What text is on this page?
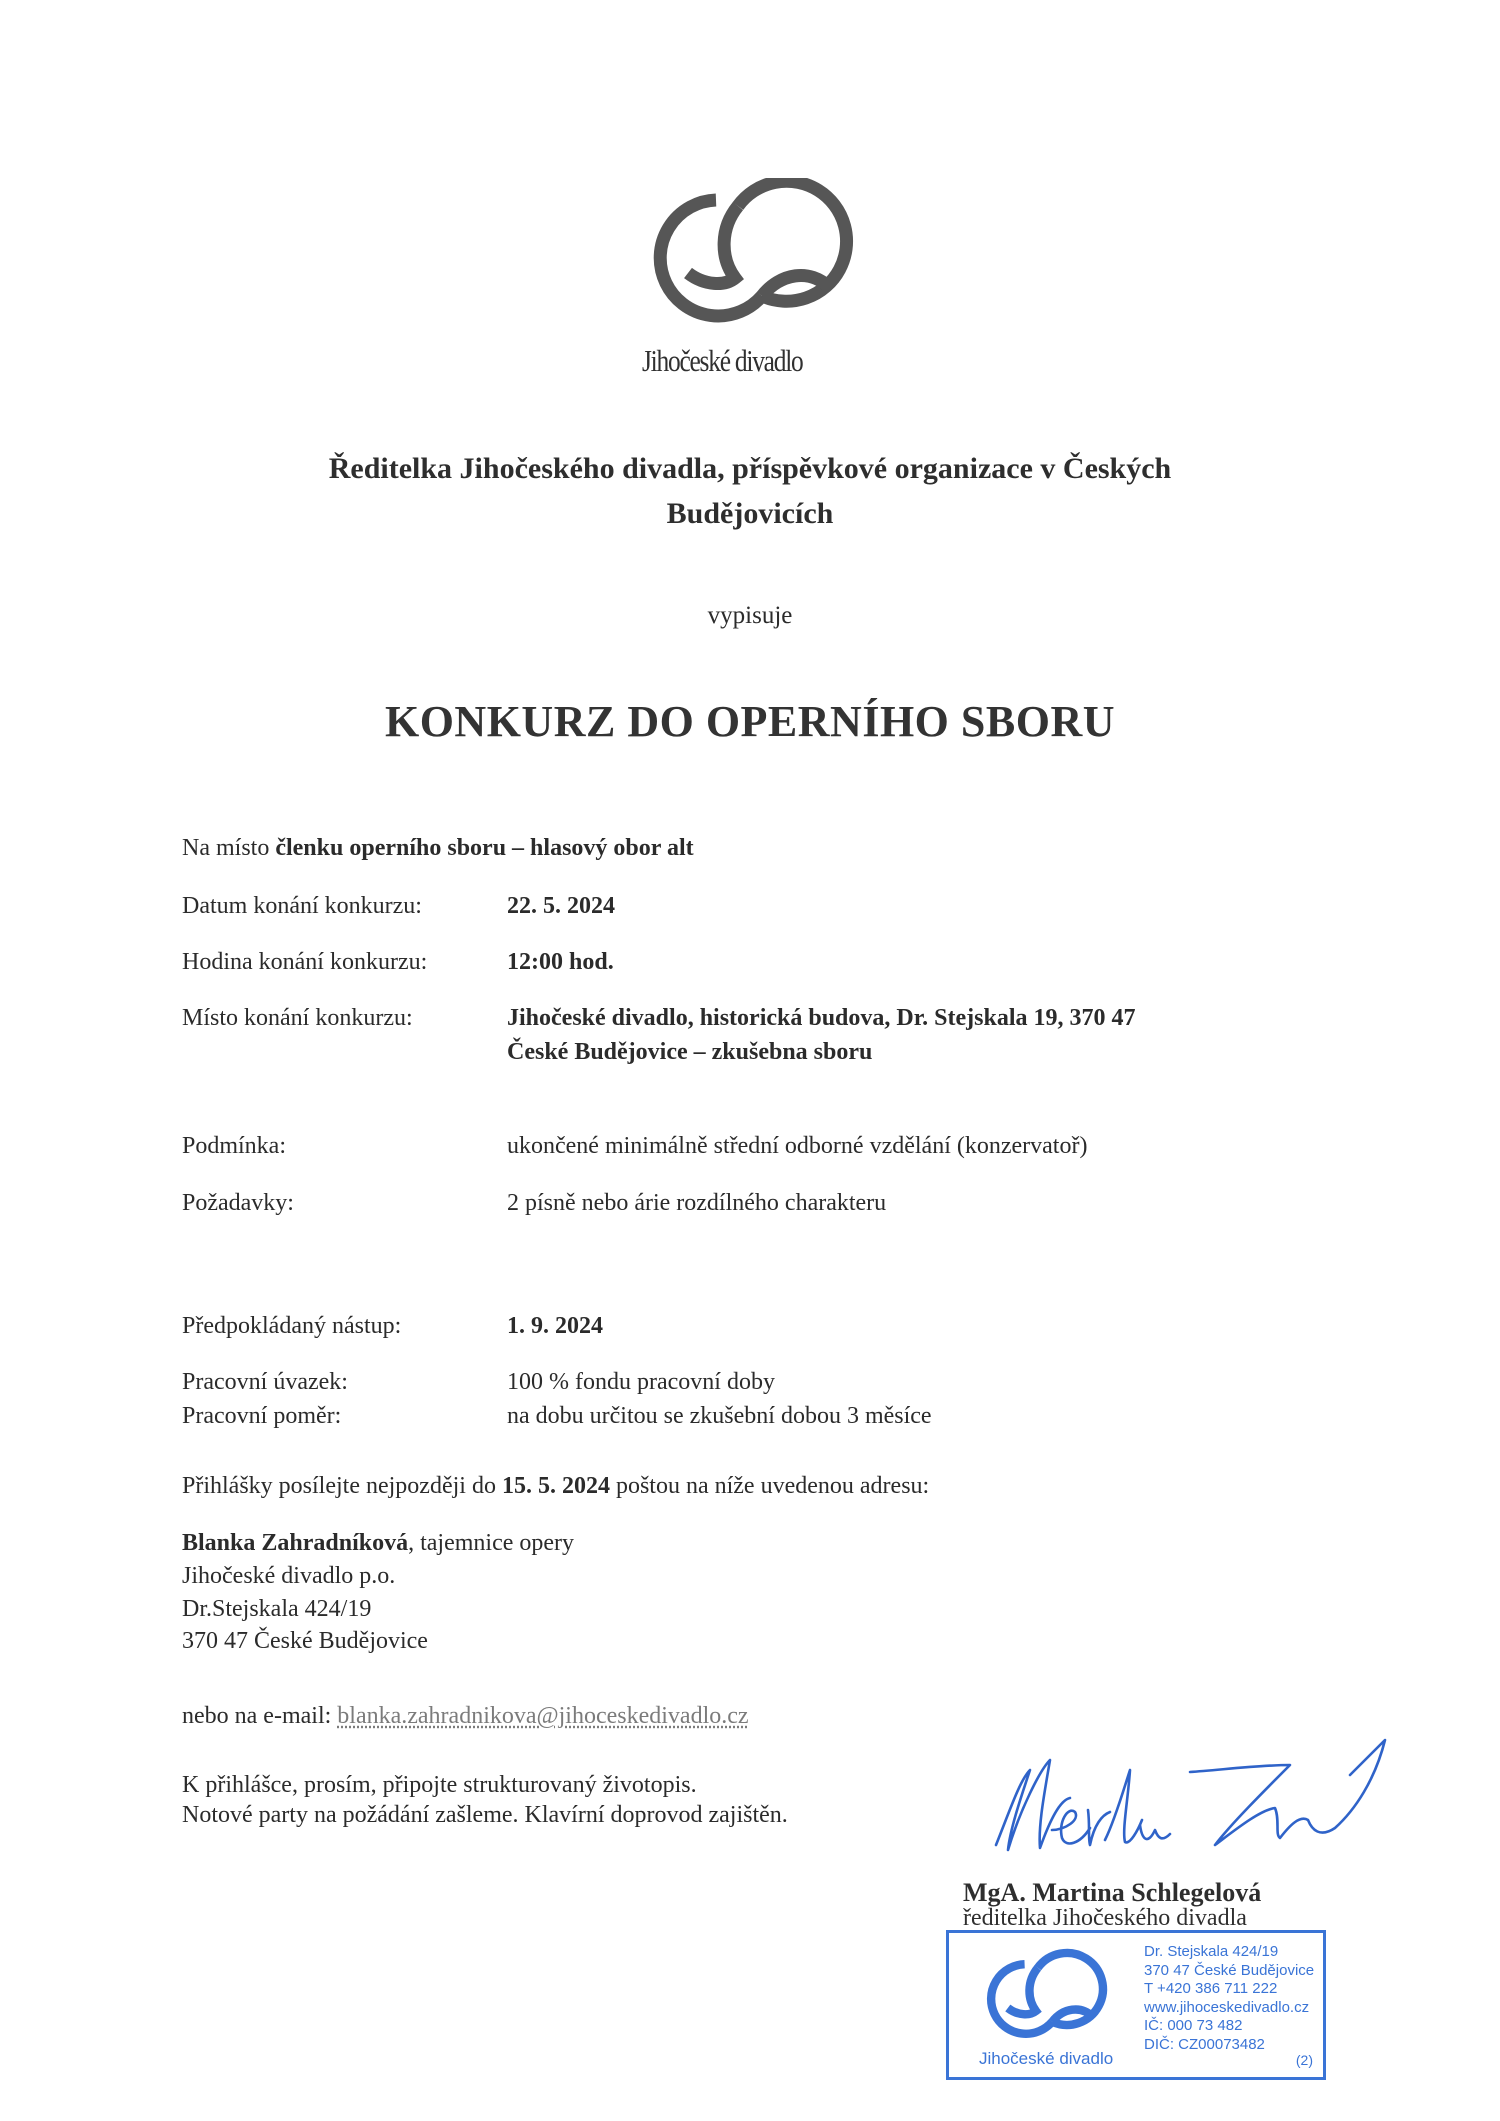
Jihočeské divadlo
Ředitelka Jihočeského divadla, příspěvkové organizace v Českých
Budějovicích
vypisuje
KONKURZ DO OPERNÍHO SBORU
Na místo členku operního sboru – hlasový obor alt
Datum konání konkurzu:	22. 5. 2024
Hodina konání konkurzu:	12:00 hod.
Místo konání konkurzu:	Jihočeské divadlo, historická budova, Dr. Stejskala 19, 370 47
České Budějovice – zkušebna sboru
Podmínka:	ukončené minimálně střední odborné vzdělání (konzervatoř)
Požadavky:	2 písně nebo árie rozdílného charakteru
Předpokládaný nástup:	1. 9. 2024
Pracovní úvazek:	100 % fondu pracovní doby
Pracovní poměr:	na dobu určitou se zkušební dobou 3 měsíce
Přihlášky posílejte nejpozději do 15. 5. 2024 poštou na níže uvedenou adresu:
Blanka Zahradníková, tajemnice opery
Jihočeské divadlo p.o.
Dr.Stejskala 424/19
370 47 České Budějovice
nebo na e-mail: blanka.zahradnikova@jihoceskedivadlo.cz
K přihlášce, prosím, připojte strukturovaný životopis.
Notové party na požádání zašleme. Klavírní doprovod zajištěn.
MgA. Martina Schlegelová
ředitelka Jihočeského divadla
Jihočeské divadlo
Dr. Stejskala 424/19
370 47 České Budějovice
T +420 386 711 222
www.jihoceskedivadlo.cz
IČ: 000 73 482
DIČ: CZ00073482
(2)
